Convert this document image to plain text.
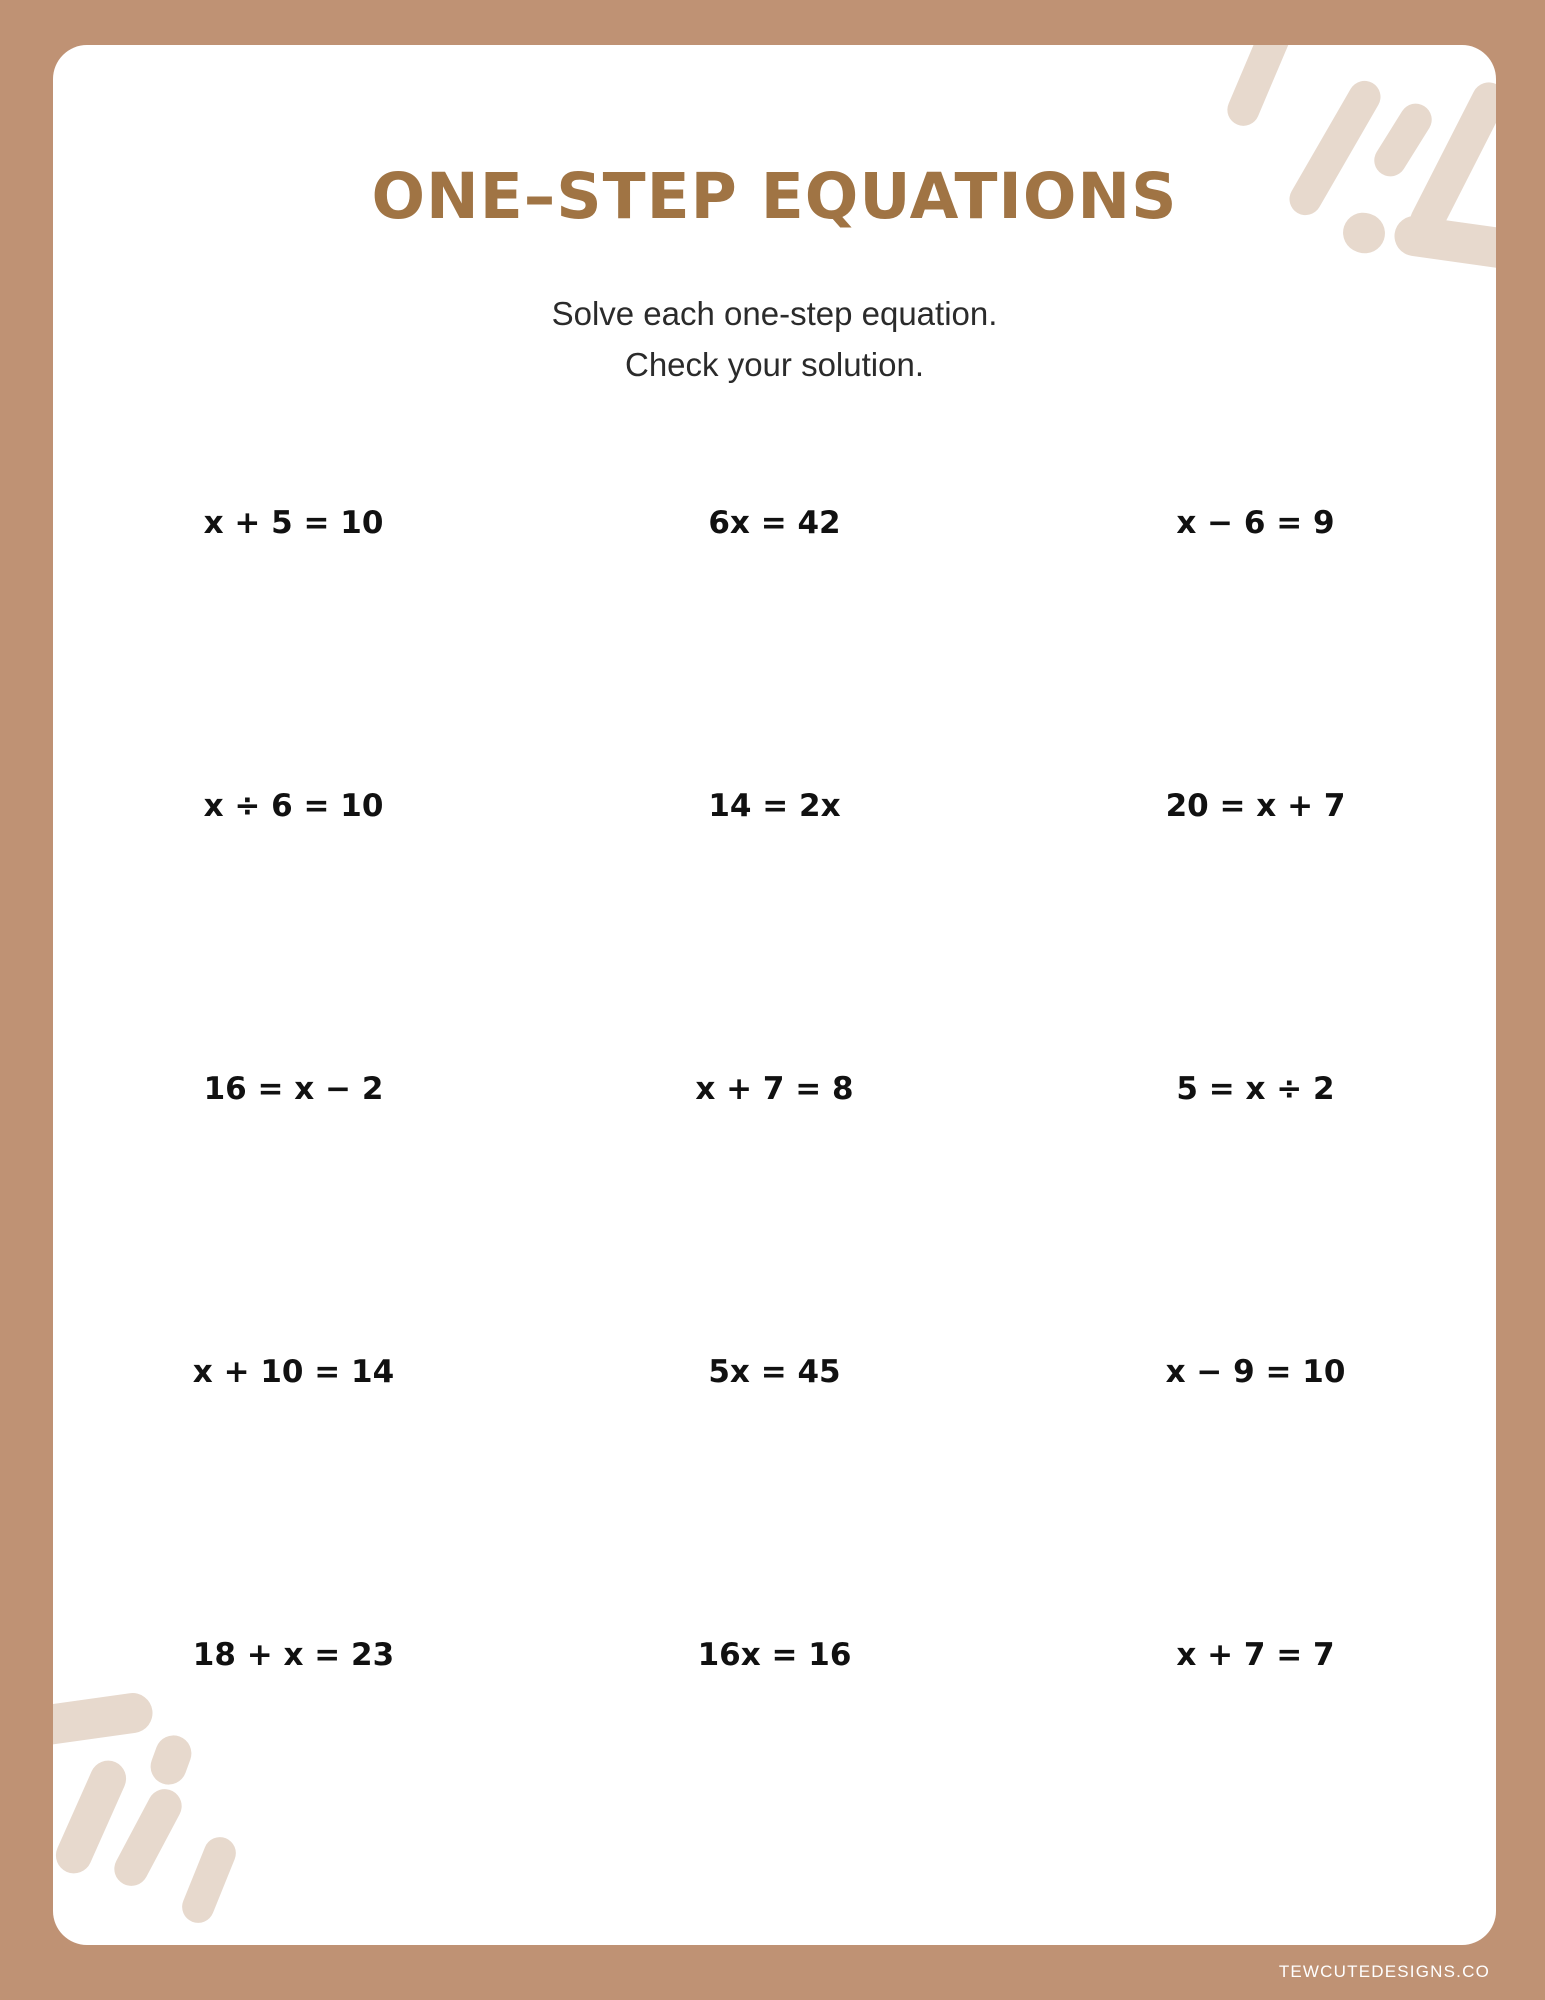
ONE–STEP EQUATIONS
Solve each one-step equation.
Check your solution.
x + 5 = 10	6x = 42	x − 6 = 9
x ÷ 6 = 10	14 = 2x	20 = x + 7
16 = x − 2	x + 7 = 8	5 = x ÷ 2
x + 10 = 14	5x = 45	x − 9 = 10
18 + x = 23	16x = 16	x + 7 = 7
TEWCUTEDESIGNS.CO
